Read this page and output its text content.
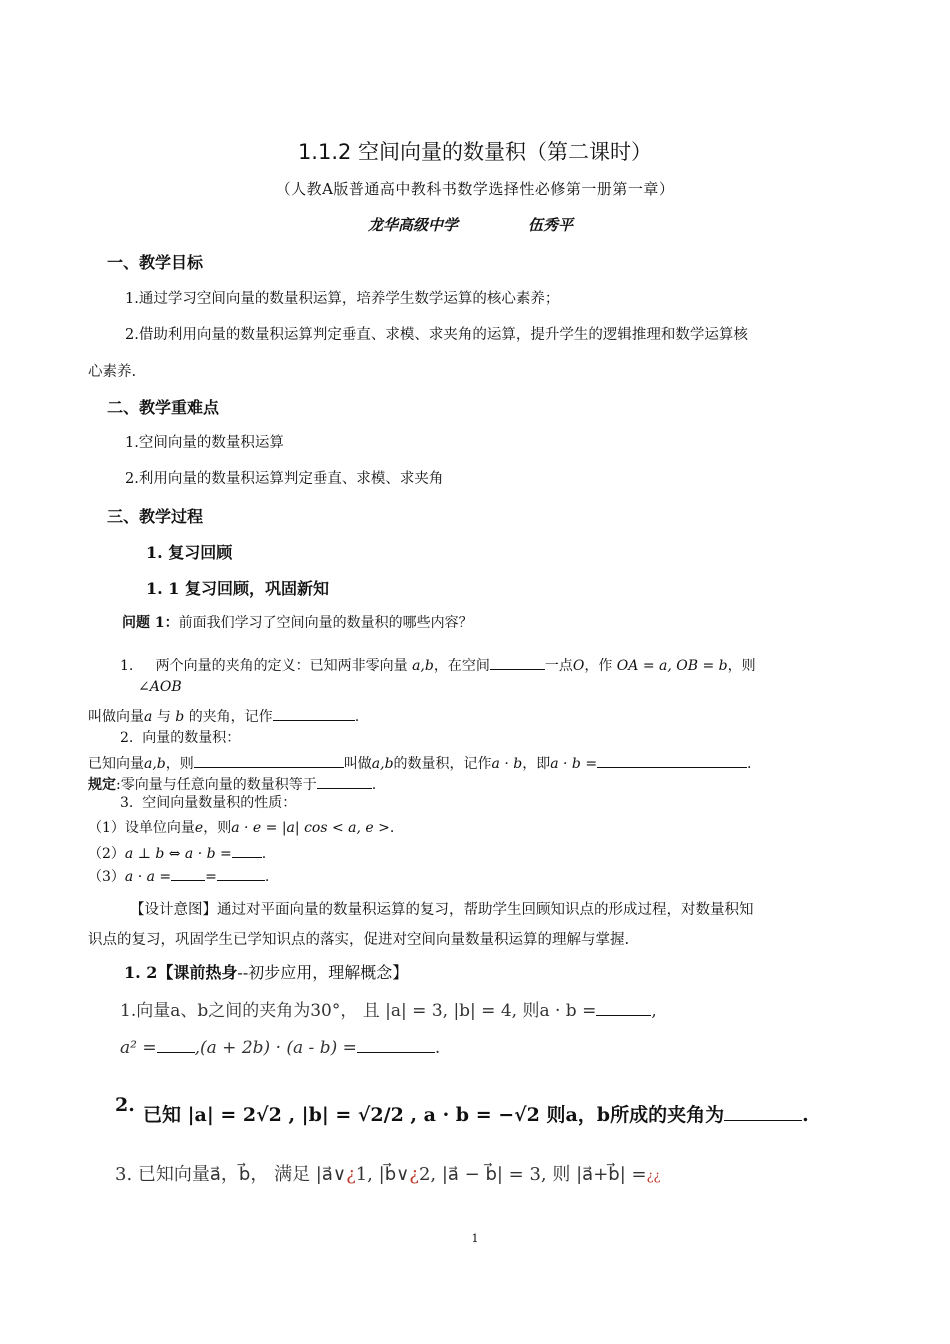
1.1.2 空间向量的数量积（第二课时）
（人教A版普通高中教科书数学选择性必修第一册第一章）
龙华高级中学	伍秀平
一、教学目标
1.通过学习空间向量的数量积运算，培养学生数学运算的核心素养；
2.借助利用向量的数量积运算判定垂直、求模、求夹角的运算，提升学生的逻辑推理和数学运算核
心素养.
二、教学重难点
1.空间向量的数量积运算
2.利用向量的数量积运算判定垂直、求模、求夹角
三、教学过程
1. 复习回顾
1. 1 复习回顾，巩固新知
问题 1：前面我们学习了空间向量的数量积的哪些内容？
1. 两个向量的夹角的定义：已知两非零向量 a,b，在空间	一点O，作 OA = a, OB = b，则
∠AOB
叫做向量a 与 b 的夹角，记作	.
2. 向量的数量积：
已知向量a,b，则	叫做a,b的数量积，记作a · b，即a · b =	.
规定:零向量与任意向量的数量积等于	.
3. 空间向量数量积的性质：
（1）设单位向量e，则a · e = |a| cos < a, e >.
（2）a ⊥ b ⇔ a · b = .
（3）a · a = =	.
【设计意图】通过对平面向量的数量积运算的复习，帮助学生回顾知识点的形成过程，对数量积知
识点的复习，巩固学生已学知识点的落实，促进对空间向量数量积运算的理解与掌握.
1. 2【课前热身--初步应用，理解概念】
1.向量a、b之间的夹角为30°， 且 |a| = 3, |b| = 4, 则a · b =	,
a² = ,(a + 2b) · (a - b) =	.
2. 已知 |a| = 2√2 , |b| = √2/2 , a · b = −√2 则a，b所成的夹角为	.
3. 已知向量a⃗，b⃗， 满足 |a⃗∨¿1, |b⃗∨¿2, |a⃗ − b⃗| = 3, 则 |a⃗+b⃗| =¿¿
1
